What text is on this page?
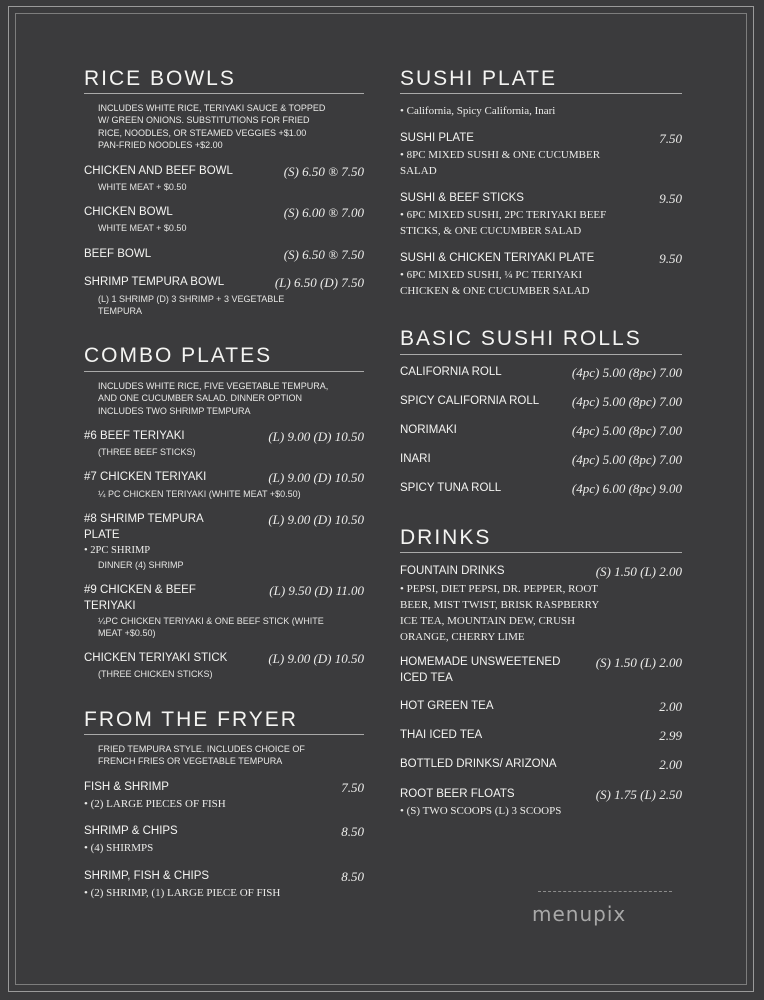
RICE BOWLS
INCLUDES WHITE RICE, TERIYAKI SAUCE & TOPPED
W/ GREEN ONIONS. SUBSTITUTIONS FOR FRIED
RICE, NOODLES, OR STEAMED VEGGIES +$1.00
PAN-FRIED NOODLES +$2.00
CHICKEN AND BEEF BOWL	(S) 6.50 ® 7.50
WHITE MEAT + $0.50
CHICKEN BOWL	(S) 6.00 ® 7.00
WHITE MEAT + $0.50
BEEF BOWL	(S) 6.50 ® 7.50
SHRIMP TEMPURA BOWL	(L) 6.50 (D) 7.50
(L) 1 SHRIMP (D) 3 SHRIMP + 3 VEGETABLE
TEMPURA
COMBO PLATES
INCLUDES WHITE RICE, FIVE VEGETABLE TEMPURA,
AND ONE CUCUMBER SALAD. DINNER OPTION
INCLUDES TWO SHRIMP TEMPURA
#6 BEEF TERIYAKI	(L) 9.00 (D) 10.50
(THREE BEEF STICKS)
#7 CHICKEN TERIYAKI	(L) 9.00 (D) 10.50
¼ PC CHICKEN TERIYAKI (WHITE MEAT +$0.50)
#8 SHRIMP TEMPURA
PLATE
(L) 9.00 (D) 10.50
• 2PC SHRIMP
DINNER (4) SHRIMP
#9 CHICKEN & BEEF
TERIYAKI
(L) 9.50 (D) 11.00
¼PC CHICKEN TERIYAKI & ONE BEEF STICK (WHITE
MEAT +$0.50)
CHICKEN TERIYAKI STICK	(L) 9.00 (D) 10.50
(THREE CHICKEN STICKS)
FROM THE FRYER
FRIED TEMPURA STYLE. INCLUDES CHOICE OF
FRENCH FRIES OR VEGETABLE TEMPURA
FISH & SHRIMP	7.50
• (2) LARGE PIECES OF FISH
SHRIMP & CHIPS	8.50
• (4) SHIRMPS
SHRIMP, FISH & CHIPS	8.50
• (2) SHRIMP, (1) LARGE PIECE OF FISH
SUSHI PLATE
• California, Spicy California, Inari
SUSHI PLATE	7.50
• 8PC MIXED SUSHI & ONE CUCUMBER
SALAD
SUSHI & BEEF STICKS	9.50
• 6PC MIXED SUSHI, 2PC TERIYAKI BEEF
STICKS, & ONE CUCUMBER SALAD
SUSHI & CHICKEN TERIYAKI PLATE	9.50
• 6PC MIXED SUSHI, ¼ PC TERIYAKI
CHICKEN & ONE CUCUMBER SALAD
BASIC SUSHI ROLLS
CALIFORNIA ROLL	(4pc) 5.00 (8pc) 7.00
SPICY CALIFORNIA ROLL	(4pc) 5.00 (8pc) 7.00
NORIMAKI	(4pc) 5.00 (8pc) 7.00
INARI	(4pc) 5.00 (8pc) 7.00
SPICY TUNA ROLL	(4pc) 6.00 (8pc) 9.00
DRINKS
FOUNTAIN DRINKS	(S) 1.50 (L) 2.00
• PEPSI, DIET PEPSI, DR. PEPPER, ROOT
BEER, MIST TWIST, BRISK RASPBERRY
ICE TEA, MOUNTAIN DEW, CRUSH
ORANGE, CHERRY LIME
HOMEMADE UNSWEETENED
ICED TEA
(S) 1.50 (L) 2.00
HOT GREEN TEA	2.00
THAI ICED TEA	2.99
BOTTLED DRINKS/ ARIZONA	2.00
ROOT BEER FLOATS	(S) 1.75 (L) 2.50
• (S) TWO SCOOPS (L) 3 SCOOPS
menupix
